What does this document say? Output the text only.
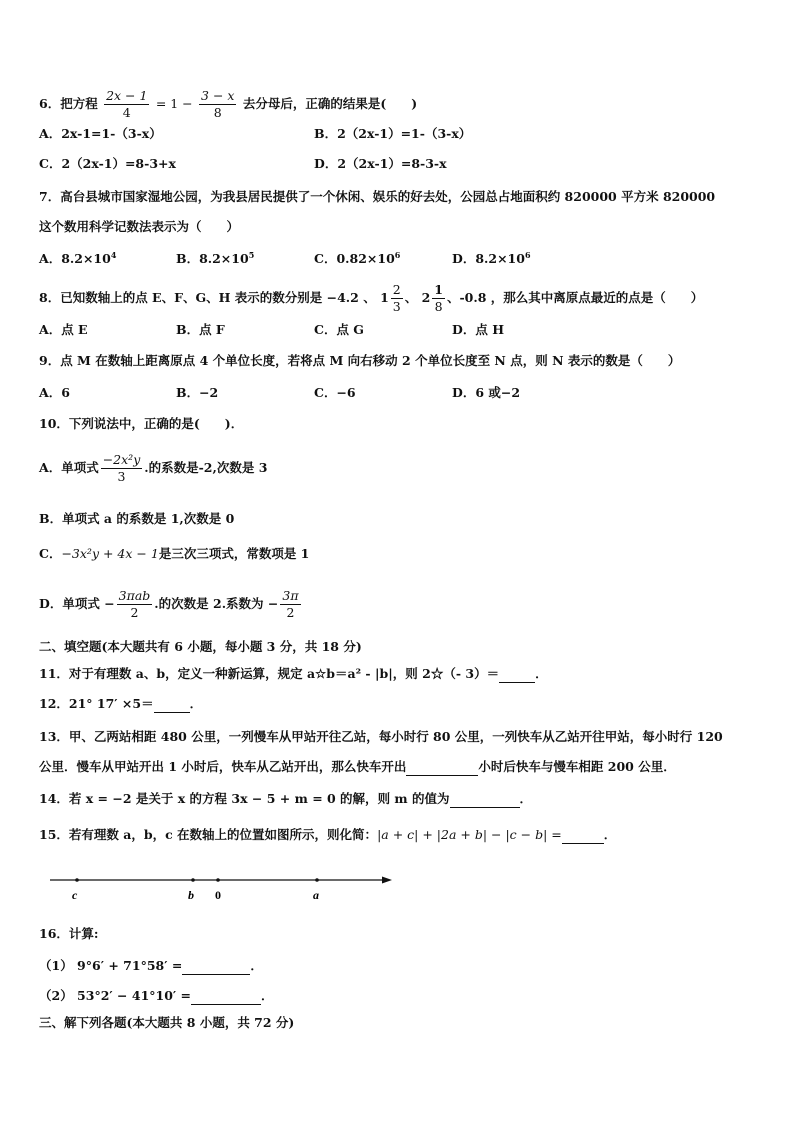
6．把方程 $\frac{2x - 1}{4} = 1 - \frac{3 - x}{8}$ 去分母后，正确的结果是(　　)
A．2x-1=1-（3-x）	B．2（2x-1）=1-（3-x）
C．2（2x-1）=8-3+x	D．2（2x-1）=8-3-x
7．高台县城市国家湿地公园，为我县居民提供了一个休闲、娱乐的好去处，公园总占地面积约 820000 平方米 820000
这个数用科学记数法表示为（　　）
A．$8.2\times 10^4$	B．$8.2\times 10^5$	C．$0.82\times 10^6$	D．$8.2\times 10^6$
8．已知数轴上的点 E、F、G、H 表示的数分别是 −4.2 、 $1 \frac{2}{3}$ 、 $2 \frac{1}{8}$ 、-0.8 ，那么其中离原点最近的点是（　　）
A．点 E	B．点 F	C．点 G	D．点 H
9．点 M 在数轴上距离原点 4 个单位长度，若将点 M 向右移动 2 个单位长度至 N 点，则 N 表示的数是（　　）
A．6	B．−2	C．−6	D．6 或−2
10．下列说法中，正确的是(　　)．
A．单项式 $\frac{\text{−2x²y}}{3}$ .的系数是-2,次数是 3
B．单项式 a 的系数是 1,次数是 0
C．−3x²y + 4x − 1是三次三项式，常数项是 1
D．单项式 − $\frac{\text{3πab}}{2}$ .的次数是 2.系数为 − $\frac{3\pi}{2}$
二、填空题(本大题共有 6 小题，每小题 3 分，共 18 分)
11．对于有理数 a、b，定义一种新运算，规定 a☆b＝a² - |b|，则 2☆（- 3）＝	．
12．21° 17′ ×5＝	．
13．甲、乙两站相距 480 公里，一列慢车从甲站开往乙站，每小时行 80 公里，一列快车从乙站开往甲站，每小时行 120
公里．慢车从甲站开出 1 小时后，快车从乙站开出，那么快车开出	小时后快车与慢车相距 200 公里．
14．若 x = −2 是关于 x 的方程 3x − 5 + m = 0 的解，则 m 的值为	．
15．若有理数 a，b，c 在数轴上的位置如图所示，则化简：|a + c| + |2a + b| − |c − b| =	．
c	b 0	a
16．计算:
（1） 9°6′ + 71°58′ =	．
（2） 53°2′ − 41°10′ =	．
三、解下列各题(本大题共 8 小题，共 72 分)
